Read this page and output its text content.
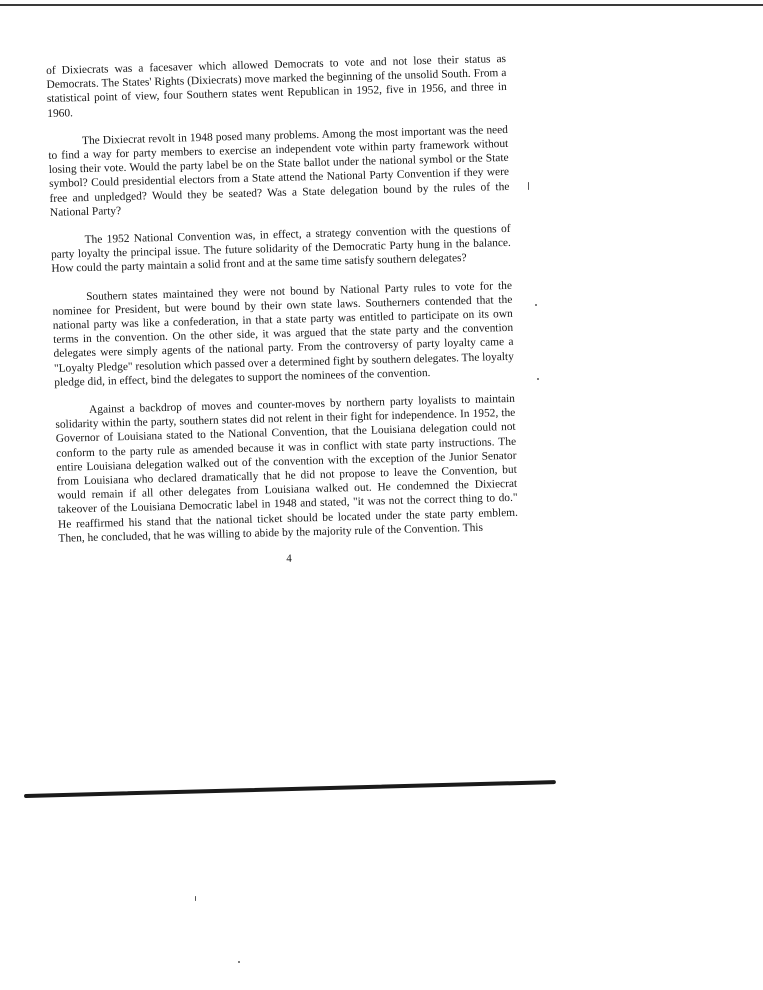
of Dixiecrats was a facesaver which allowed Democrats to vote and not lose their status as Democrats. The States' Rights (Dixiecrats) move marked the beginning of the unsolid South. From a statistical point of view, four Southern states went Republican in 1952, five in 1956, and three in 1960.

The Dixiecrat revolt in 1948 posed many problems. Among the most important was the need to find a way for party members to exercise an independent vote within party framework without losing their vote. Would the party label be on the State ballot under the national symbol or the State symbol? Could presidential electors from a State attend the National Party Convention if they were free and unpledged? Would they be seated? Was a State delegation bound by the rules of the National Party?

The 1952 National Convention was, in effect, a strategy convention with the questions of party loyalty the principal issue. The future solidarity of the Democratic Party hung in the balance. How could the party maintain a solid front and at the same time satisfy southern delegates?

Southern states maintained they were not bound by National Party rules to vote for the nominee for President, but were bound by their own state laws. Southerners contended that the national party was like a confederation, in that a state party was entitled to participate on its own terms in the convention. On the other side, it was argued that the state party and the convention delegates were simply agents of the national party. From the controversy of party loyalty came a "Loyalty Pledge" resolution which passed over a determined fight by southern delegates. The loyalty pledge did, in effect, bind the delegates to support the nominees of the convention.

Against a backdrop of moves and counter-moves by northern party loyalists to maintain solidarity within the party, southern states did not relent in their fight for independence. In 1952, the Governor of Louisiana stated to the National Convention, that the Louisiana delegation could not conform to the party rule as amended because it was in conflict with state party instructions. The entire Louisiana delegation walked out of the convention with the exception of the Junior Senator from Louisiana who declared dramatically that he did not propose to leave the Convention, but would remain if all other delegates from Louisiana walked out. He condemned the Dixiecrat takeover of the Louisiana Democratic label in 1948 and stated, "it was not the correct thing to do." He reaffirmed his stand that the national ticket should be located under the state party emblem. Then, he concluded, that he was willing to abide by the majority rule of the Convention. This

4
